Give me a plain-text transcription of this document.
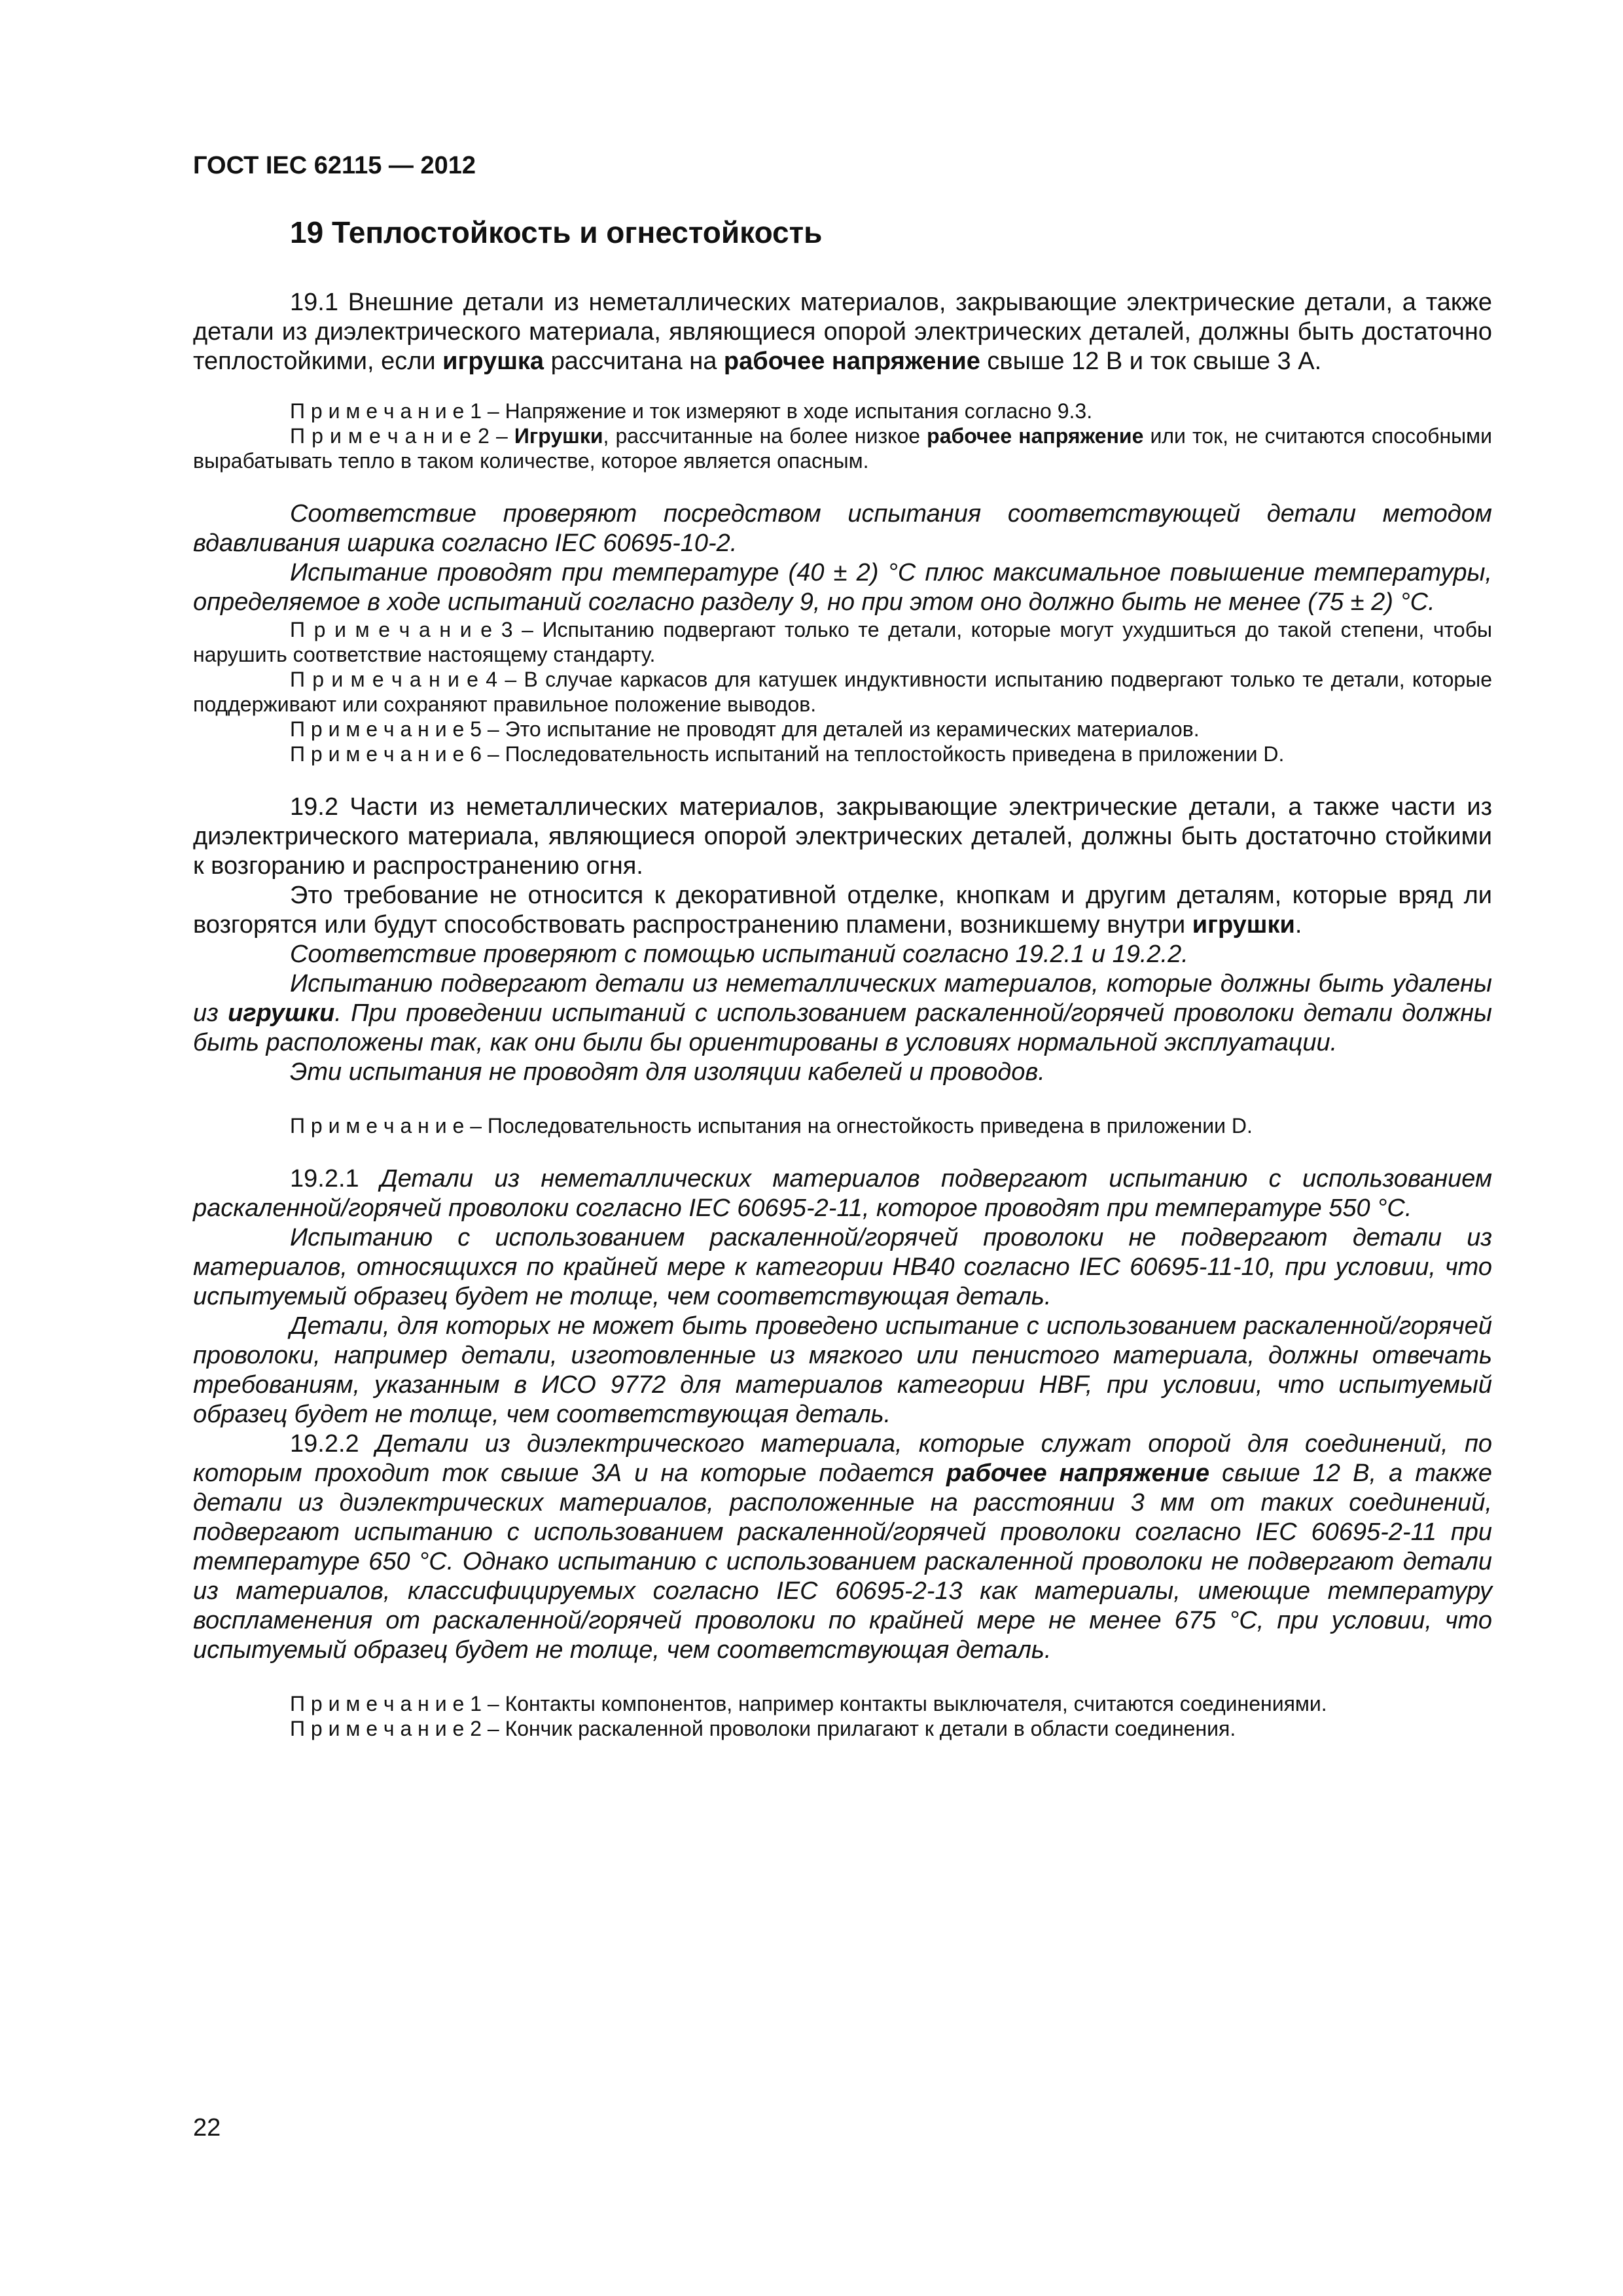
ГОСТ IEC 62115 — 2012
19 Теплостойкость и огнестойкость

19.1 Внешние детали из неметаллических материалов, закрывающие электрические детали, а также детали из диэлектрического материала, являющиеся опорой электрических деталей, должны быть достаточно теплостойкими, если игрушка рассчитана на рабочее напряжение свыше 12 В и ток свыше 3 А.

П р и м е ч а н и е 1 – Напряжение и ток измеряют в ходе испытания согласно 9.3.

П р и м е ч а н и е 2 – Игрушки, рассчитанные на более низкое рабочее напряжение или ток, не считаются способными вырабатывать тепло в таком количестве, которое является опасным.

Соответствие проверяют посредством испытания соответствующей детали методом вдавливания шарика согласно IEC 60695-10-2.

Испытание проводят при температуре (40 ± 2) °C плюс максимальное повышение температуры, определяемое в ходе испытаний согласно разделу 9, но при этом оно должно быть не менее (75 ± 2) °C.

П р и м е ч а н и е 3 – Испытанию подвергают только те детали, которые могут ухудшиться до такой степени, чтобы нарушить соответствие настоящему стандарту.

П р и м е ч а н и е 4 – В случае каркасов для катушек индуктивности испытанию подвергают только те детали, которые поддерживают или сохраняют правильное положение выводов.

П р и м е ч а н и е 5 – Это испытание не проводят для деталей из керамических материалов.

П р и м е ч а н и е 6 – Последовательность испытаний на теплостойкость приведена в приложении D.

19.2 Части из неметаллических материалов, закрывающие электрические детали, а также части из диэлектрического материала, являющиеся опорой электрических деталей, должны быть достаточно стойкими к возгоранию и распространению огня.

Это требование не относится к декоративной отделке, кнопкам и другим деталям, которые вряд ли возгорятся или будут способствовать распространению пламени, возникшему внутри игрушки.

Соответствие проверяют с помощью испытаний согласно 19.2.1 и 19.2.2.

Испытанию подвергают детали из неметаллических материалов, которые должны быть удалены из игрушки. При проведении испытаний с использованием раскаленной/горячей проволоки детали должны быть расположены так, как они были бы ориентированы в условиях нормальной эксплуатации.

Эти испытания не проводят для изоляции кабелей и проводов.

П р и м е ч а н и е – Последовательность испытания на огнестойкость приведена в приложении D.

19.2.1 Детали из неметаллических материалов подвергают испытанию с использованием раскаленной/горячей проволоки согласно IEC 60695-2-11, которое проводят при температуре 550 °C.

Испытанию с использованием раскаленной/горячей проволоки не подвергают детали из материалов, относящихся по крайней мере к категории НВ40 согласно IEC 60695-11-10, при условии, что испытуемый образец будет не толще, чем соответствующая деталь.

Детали, для которых не может быть проведено испытание с использованием раскаленной/горячей проволоки, например детали, изготовленные из мягкого или пенистого материала, должны отвечать требованиям, указанным в ИСО 9772 для материалов категории HBF, при условии, что испытуемый образец будет не толще, чем соответствующая деталь.

19.2.2 Детали из диэлектрического материала, которые служат опорой для соединений, по которым проходит ток свыше 3А и на которые подается рабочее напряжение свыше 12 В, а также детали из диэлектрических материалов, расположенные на расстоянии 3 мм от таких соединений, подвергают испытанию с использованием раскаленной/горячей проволоки согласно IEC 60695-2-11 при температуре 650 °C. Однако испытанию с использованием раскаленной проволоки не подвергают детали из материалов, классифицируемых согласно IEC 60695-2-13 как материалы, имеющие температуру воспламенения от раскаленной/горячей проволоки по крайней мере не менее 675 °C, при условии, что испытуемый образец будет не толще, чем соответствующая деталь.

П р и м е ч а н и е 1 – Контакты компонентов, например контакты выключателя, считаются соединениями.

П р и м е ч а н и е 2 – Кончик раскаленной проволоки прилагают к детали в области соединения.

22
